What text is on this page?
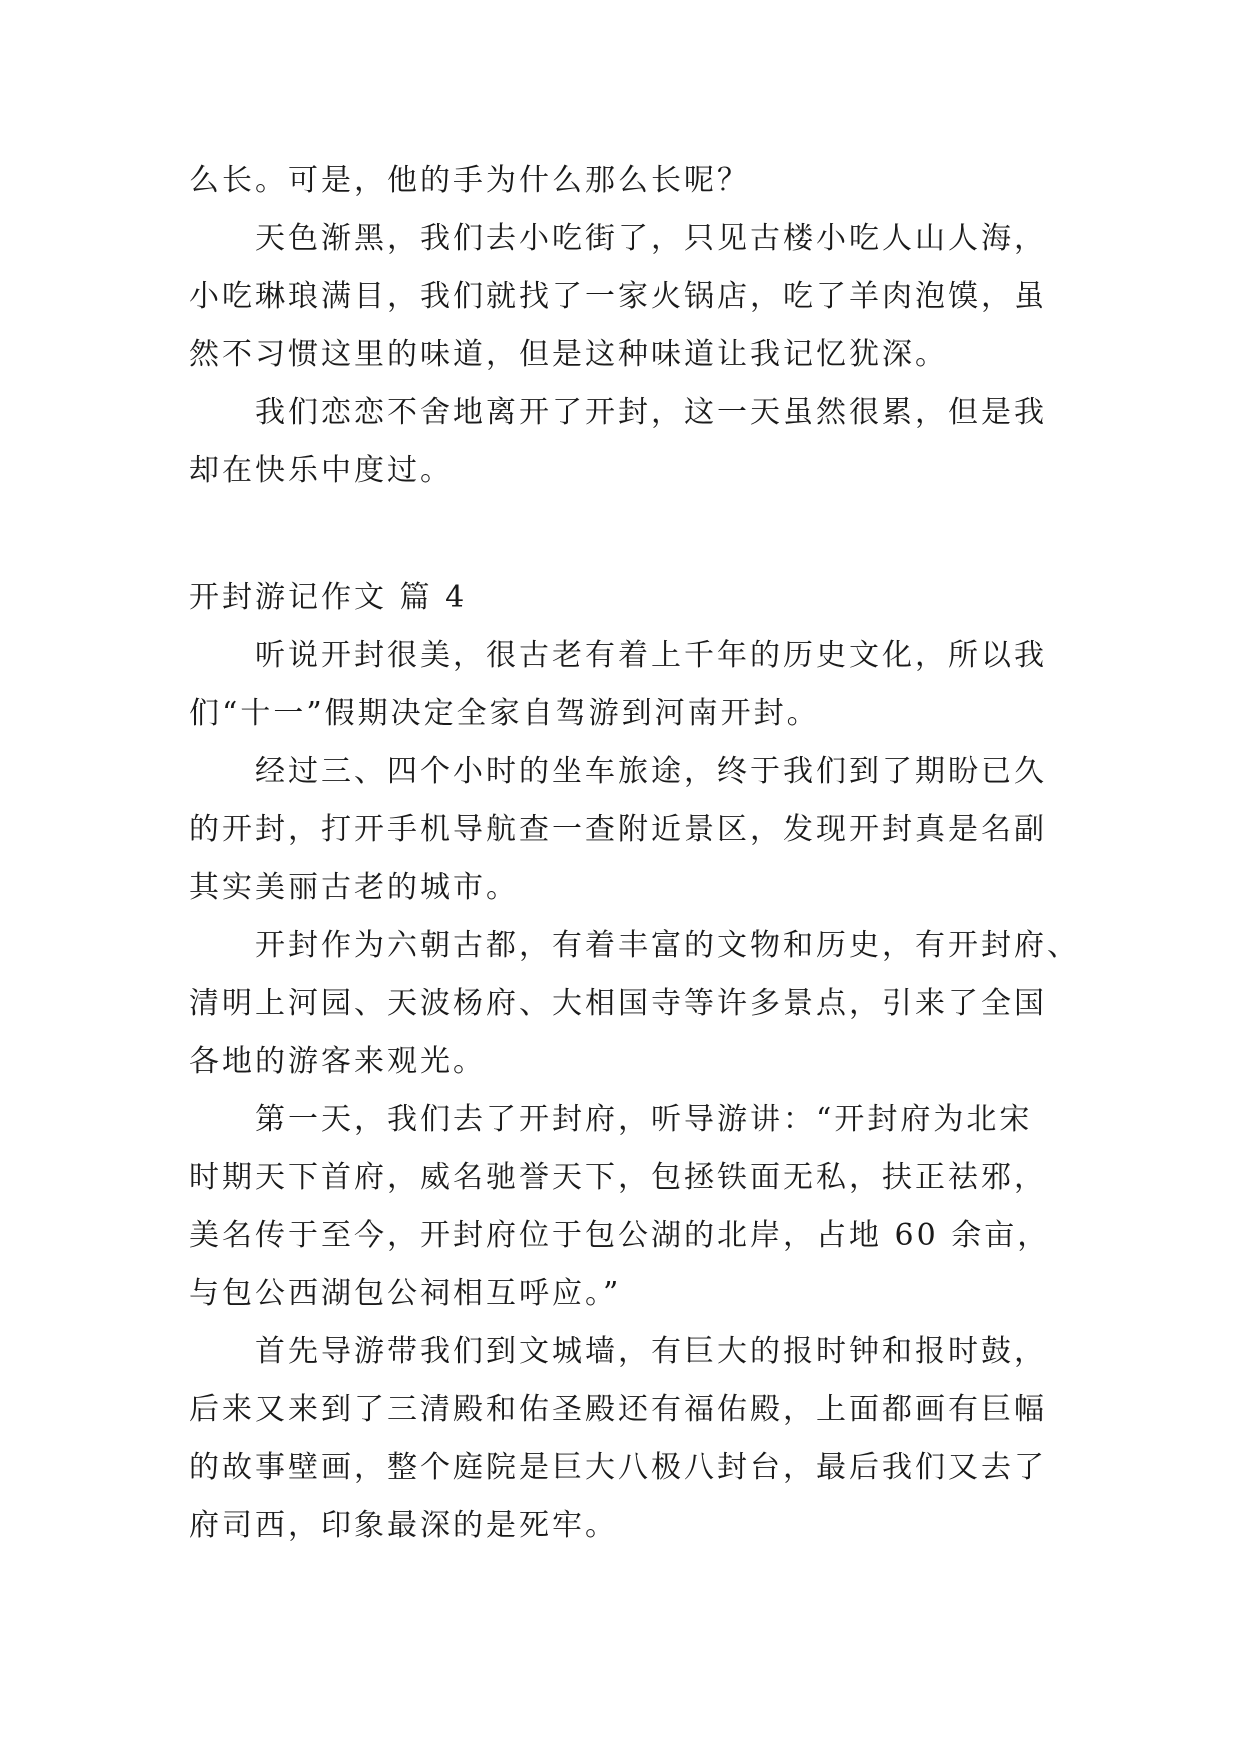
么长。可是，他的手为什么那么长呢？
天色渐黑，我们去小吃街了，只见古楼小吃人山人海，
小吃琳琅满目，我们就找了一家火锅店，吃了羊肉泡馍，虽
然不习惯这里的味道，但是这种味道让我记忆犹深。
我们恋恋不舍地离开了开封，这一天虽然很累，但是我
却在快乐中度过。
开封游记作文 篇 4
听说开封很美，很古老有着上千年的历史文化，所以我
们“十一”假期决定全家自驾游到河南开封。
经过三、四个小时的坐车旅途，终于我们到了期盼已久
的开封，打开手机导航查一查附近景区，发现开封真是名副
其实美丽古老的城市。
开封作为六朝古都，有着丰富的文物和历史，有开封府、
清明上河园、天波杨府、大相国寺等许多景点，引来了全国
各地的游客来观光。
第一天，我们去了开封府，听导游讲：“开封府为北宋
时期天下首府，威名驰誉天下，包拯铁面无私，扶正祛邪，
美名传于至今，开封府位于包公湖的北岸，占地 60 余亩，
与包公西湖包公祠相互呼应。”
首先导游带我们到文城墙，有巨大的报时钟和报时鼓，
后来又来到了三清殿和佑圣殿还有福佑殿，上面都画有巨幅
的故事壁画，整个庭院是巨大八极八封台，最后我们又去了
府司西，印象最深的是死牢。
